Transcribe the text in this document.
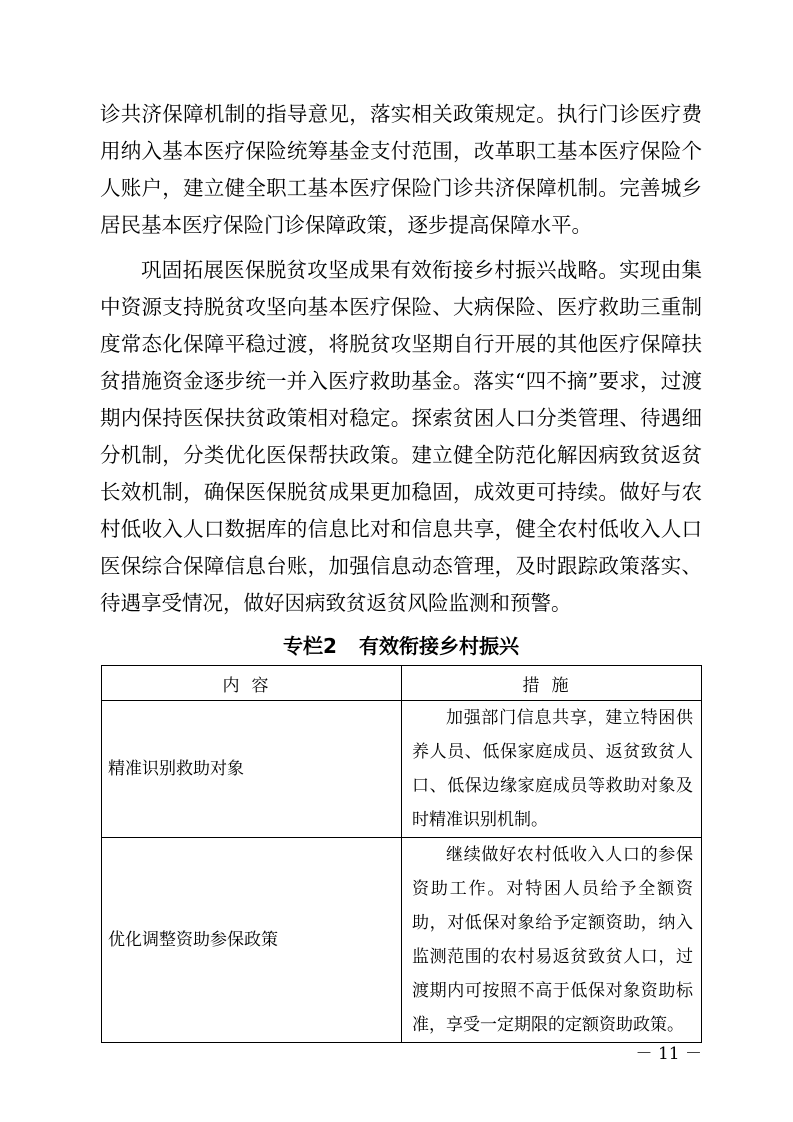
诊共济保障机制的指导意见，落实相关政策规定。执行门诊医疗费用纳入基本医疗保险统筹基金支付范围，改革职工基本医疗保险个人账户，建立健全职工基本医疗保险门诊共济保障机制。完善城乡居民基本医疗保险门诊保障政策，逐步提高保障水平。

巩固拓展医保脱贫攻坚成果有效衔接乡村振兴战略。实现由集中资源支持脱贫攻坚向基本医疗保险、大病保险、医疗救助三重制度常态化保障平稳过渡，将脱贫攻坚期自行开展的其他医疗保障扶贫措施资金逐步统一并入医疗救助基金。落实“四不摘”要求，过渡期内保持医保扶贫政策相对稳定。探索贫困人口分类管理、待遇细分机制，分类优化医保帮扶政策。建立健全防范化解因病致贫返贫长效机制，确保医保脱贫成果更加稳固，成效更可持续。做好与农村低收入人口数据库的信息比对和信息共享，健全农村低收入人口医保综合保障信息台账，加强信息动态管理，及时跟踪政策落实、待遇享受情况，做好因病致贫返贫风险监测和预警。

专栏2 有效衔接乡村振兴
内容	措施
精准识别救助对象	加强部门信息共享，建立特困供养人员、低保家庭成员、返贫致贫人口、低保边缘家庭成员等救助对象及时精准识别机制。

优化调整资助参保政策	继续做好农村低收入人口的参保资助工作。对特困人员给予全额资助，对低保对象给予定额资助，纳入监测范围的农村易返贫致贫人口，过渡期内可按照不高于低保对象资助标准，享受一定期限的定额资助政策。
－ 11 －
